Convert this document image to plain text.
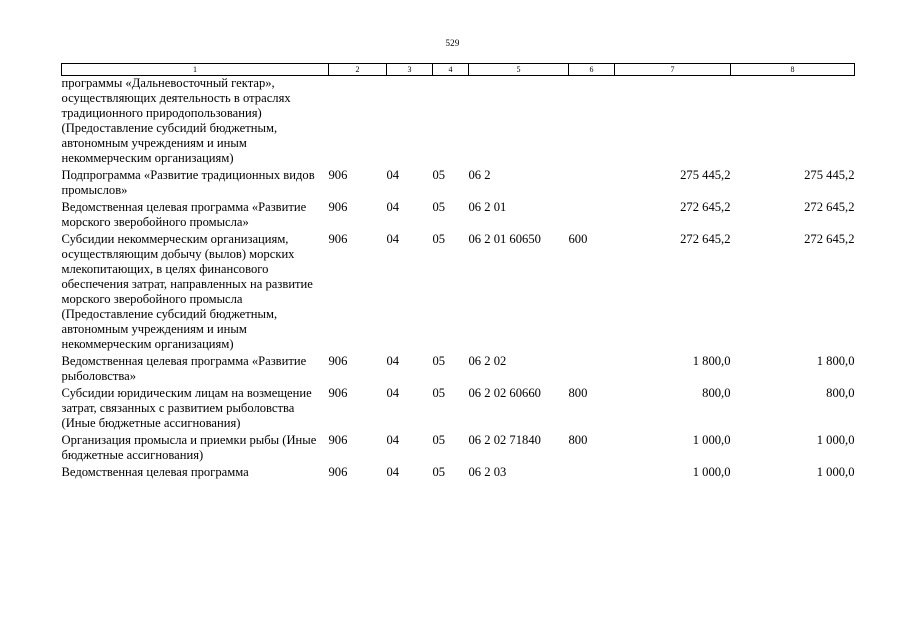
529
1	2	3	4	5	6	7	8
программы «Дальневосточный гектар», осуществляющих деятельность в отраслях традиционного природопользования) (Предоставление субсидий бюджетным, автономным учреждениям и иным некоммерческим организациям)							
Подпрограмма «Развитие традиционных видов промыслов»	906	04	05	06 2		275 445,2	275 445,2
Ведомственная целевая программа «Развитие морского зверобойного промысла»	906	04	05	06 2 01		272 645,2	272 645,2
Субсидии некоммерческим организациям, осуществляющим добычу (вылов) морских млекопитающих, в целях финансового обеспечения затрат, направленных на развитие морского зверобойного промысла (Предоставление субсидий бюджетным, автономным учреждениям и иным некоммерческим организациям)	906	04	05	06 2 01 60650	600	272 645,2	272 645,2
Ведомственная целевая программа «Развитие рыболовства»	906	04	05	06 2 02		1 800,0	1 800,0
Субсидии юридическим лицам на возмещение затрат, связанных с развитием рыболовства (Иные бюджетные ассигнования)	906	04	05	06 2 02 60660	800	800,0	800,0
Организация промысла и приемки рыбы (Иные бюджетные ассигнования)	906	04	05	06 2 02 71840	800	1 000,0	1 000,0
Ведомственная целевая программа	906	04	05	06 2 03		1 000,0	1 000,0
